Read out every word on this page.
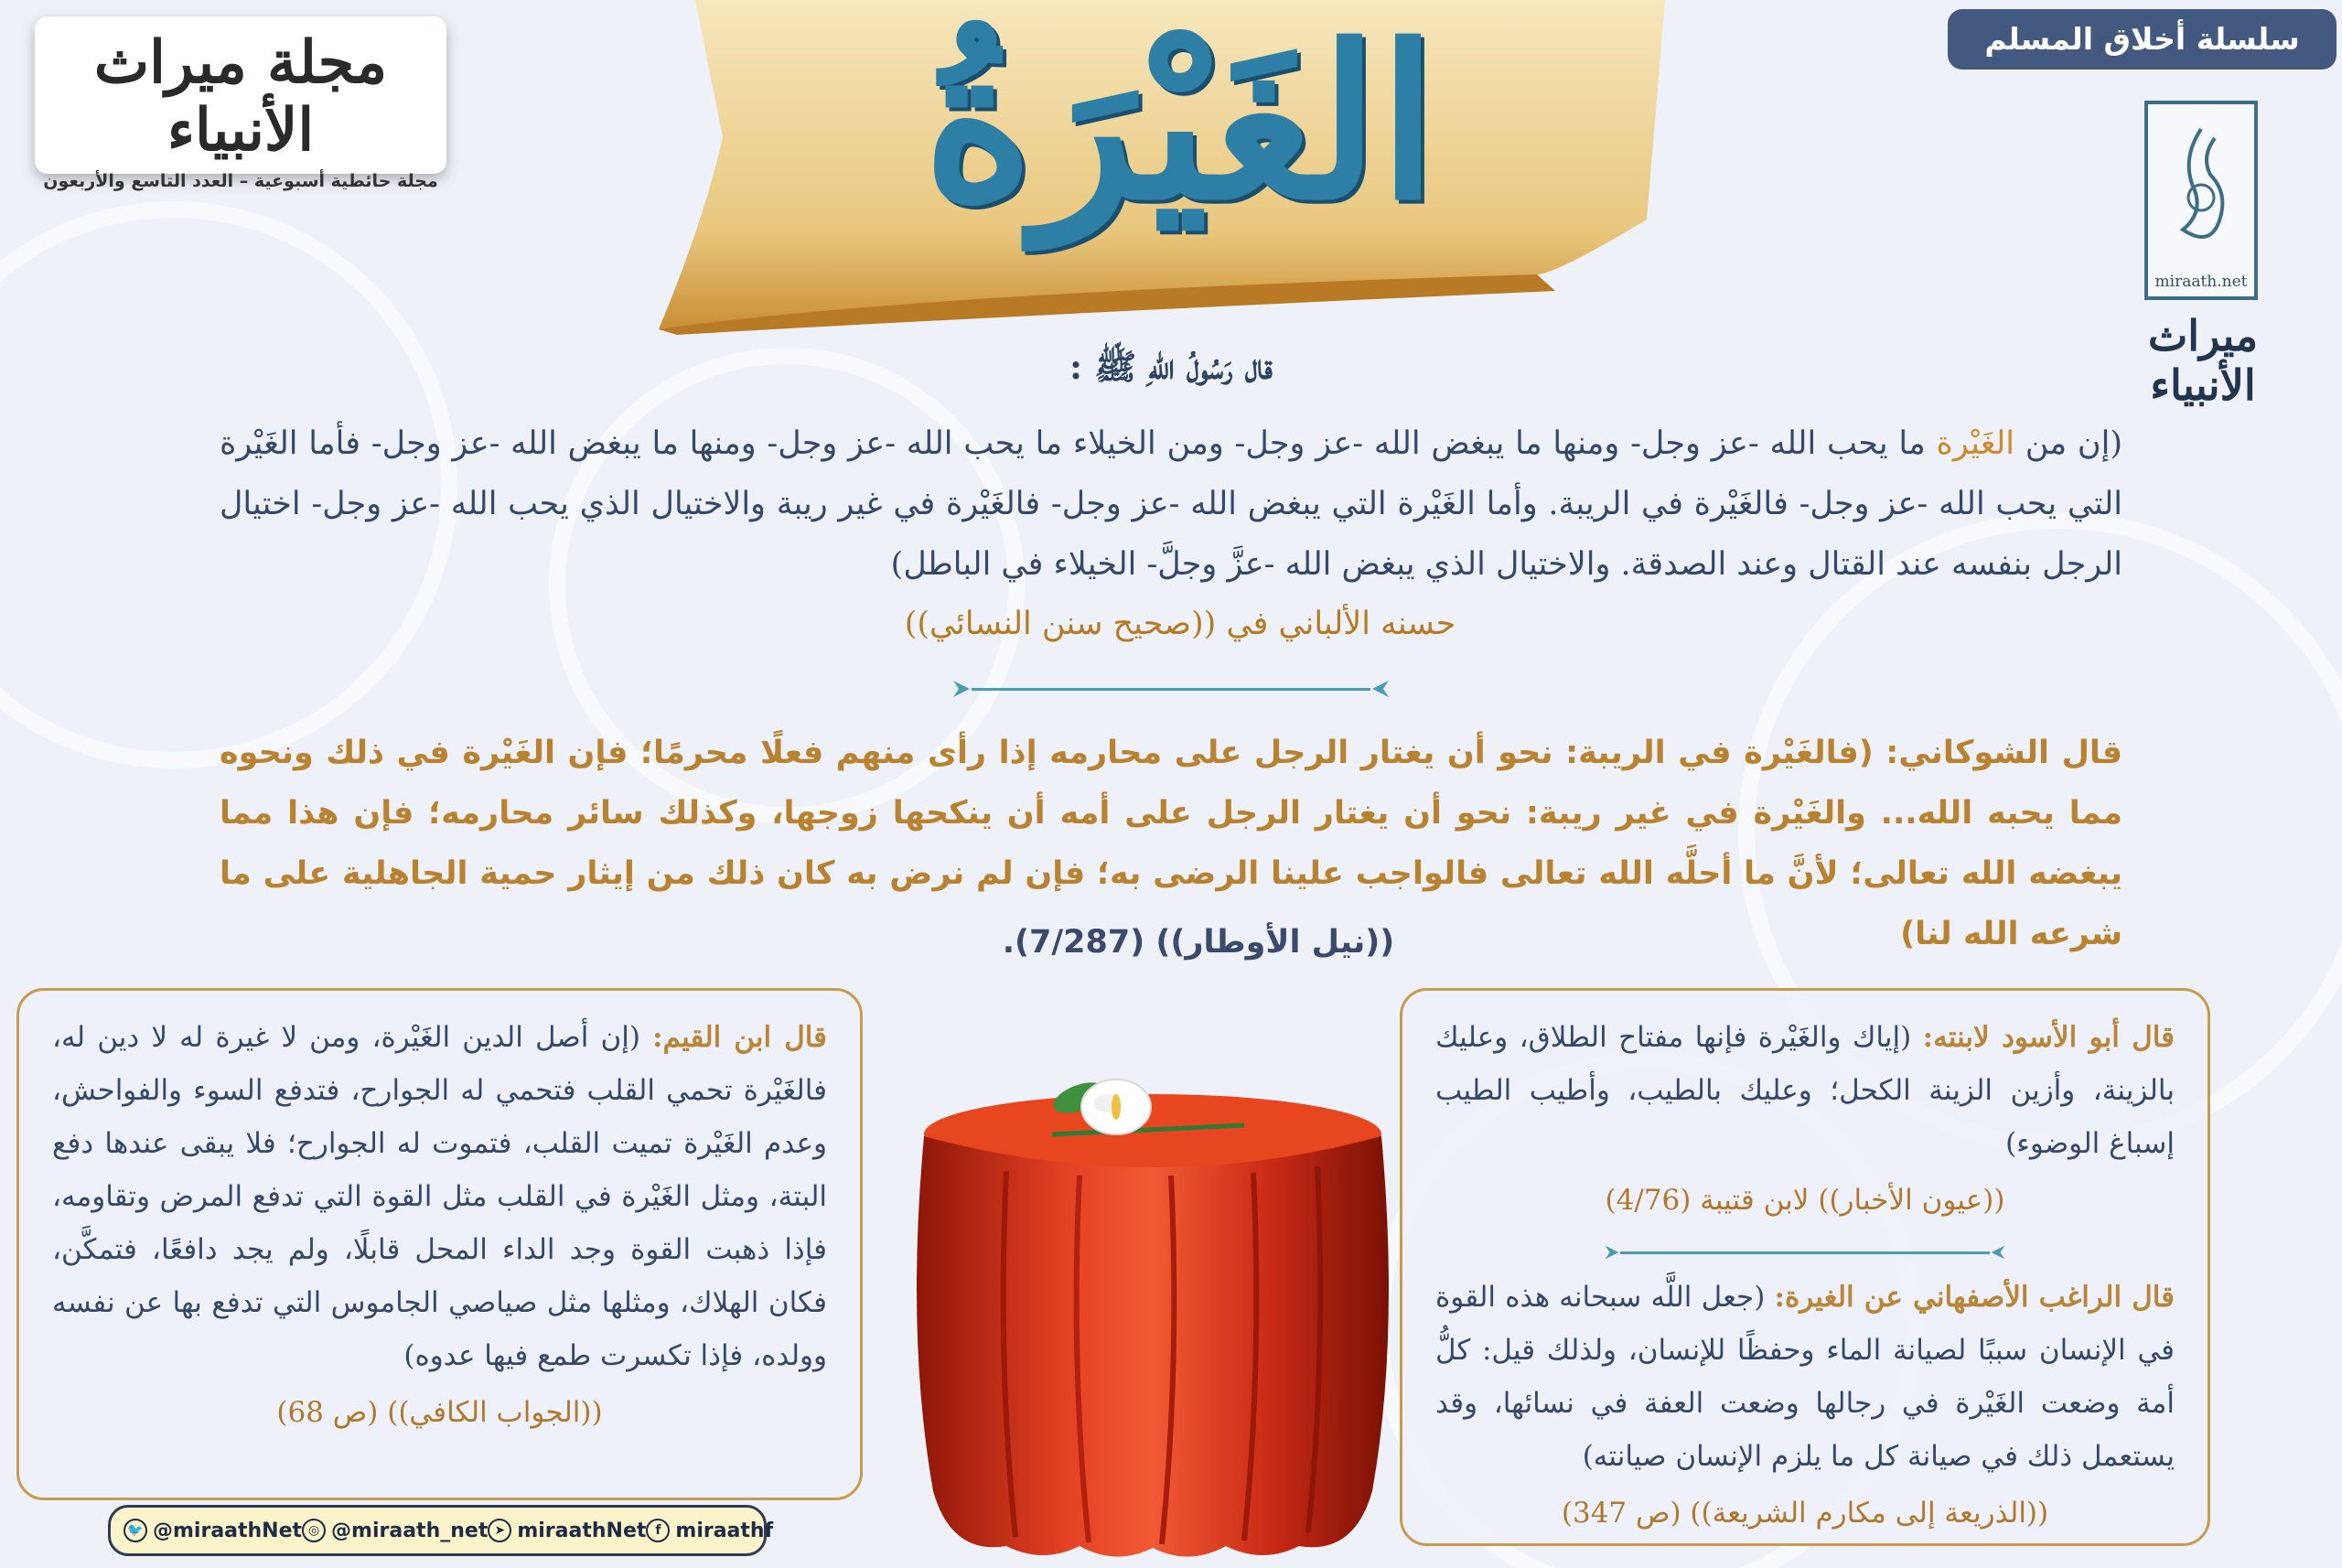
الغَيْرَةُ
مجلة ميراث الأنبياء
مجلة حائطية أسبوعية – العدد التاسع والأربعون
سلسلة أخلاق المسلم
miraath.net
ميراث الأنبياء
قال رَسُولُ اللهِ ﷺ :
(إن من الغَيْرة ما يحب الله -عز وجل- ومنها ما يبغض الله -عز وجل- ومن الخيلاء ما يحب الله -عز وجل- ومنها ما يبغض الله -عز وجل- فأما الغَيْرة التي يحب الله -عز وجل- فالغَيْرة في الريبة. وأما الغَيْرة التي يبغض الله -عز وجل- فالغَيْرة في غير ريبة والاختيال الذي يحب الله -عز وجل- اختيال الرجل بنفسه عند القتال وعند الصدقة. والاختيال الذي يبغض الله -عزَّ وجلَّ- الخيلاء في الباطل)
حسنه الألباني في ((صحيح سنن النسائي))
قال الشوكاني: (فالغَيْرة في الريبة: نحو أن يغتار الرجل على محارمه إذا رأى منهم فعلًا محرمًا؛ فإن الغَيْرة في ذلك ونحوه مما يحبه الله... والغَيْرة في غير ريبة: نحو أن يغتار الرجل على أمه أن ينكحها زوجها، وكذلك سائر محارمه؛ فإن هذا مما يبغضه الله تعالى؛ لأنَّ ما أحلَّه الله تعالى فالواجب علينا الرضى به؛ فإن لم نرض به كان ذلك من إيثار حمية الجاهلية على ما شرعه الله لنا)
((نيل الأوطار)) (7/287).
قال أبو الأسود لابنته: (إياك والغَيْرة فإنها مفتاح الطلاق، وعليك بالزينة، وأزين الزينة الكحل؛ وعليك بالطيب، وأطيب الطيب إسباغ الوضوء)
((عيون الأخبار)) لابن قتيبة (4/76)
قال الراغب الأصفهاني عن الغيرة: (جعل اللَّه سبحانه هذه القوة في الإنسان سببًا لصيانة الماء وحفظًا للإنسان، ولذلك قيل: كلُّ أمة وضعت الغَيْرة في رجالها وضعت العفة في نسائها، وقد يستعمل ذلك في صيانة كل ما يلزم الإنسان صيانته)
((الذريعة إلى مكارم الشريعة)) (ص 347)
قال ابن القيم: (إن أصل الدين الغَيْرة، ومن لا غيرة له لا دين له، فالغَيْرة تحمي القلب فتحمي له الجوارح، فتدفع السوء والفواحش، وعدم الغَيْرة تميت القلب، فتموت له الجوارح؛ فلا يبقى عندها دفع البتة، ومثل الغَيْرة في القلب مثل القوة التي تدفع المرض وتقاومه، فإذا ذهبت القوة وجد الداء المحل قابلًا، ولم يجد دافعًا، فتمكَّن، فكان الهلاك، ومثلها مثل صياصي الجاموس التي تدفع بها عن نفسه وولده، فإذا تكسرت طمع فيها عدوه)
((الجواب الكافي)) (ص 68)
🐦 @miraathNet ◎ @miraath_net ➤ miraathNet f miraathf
